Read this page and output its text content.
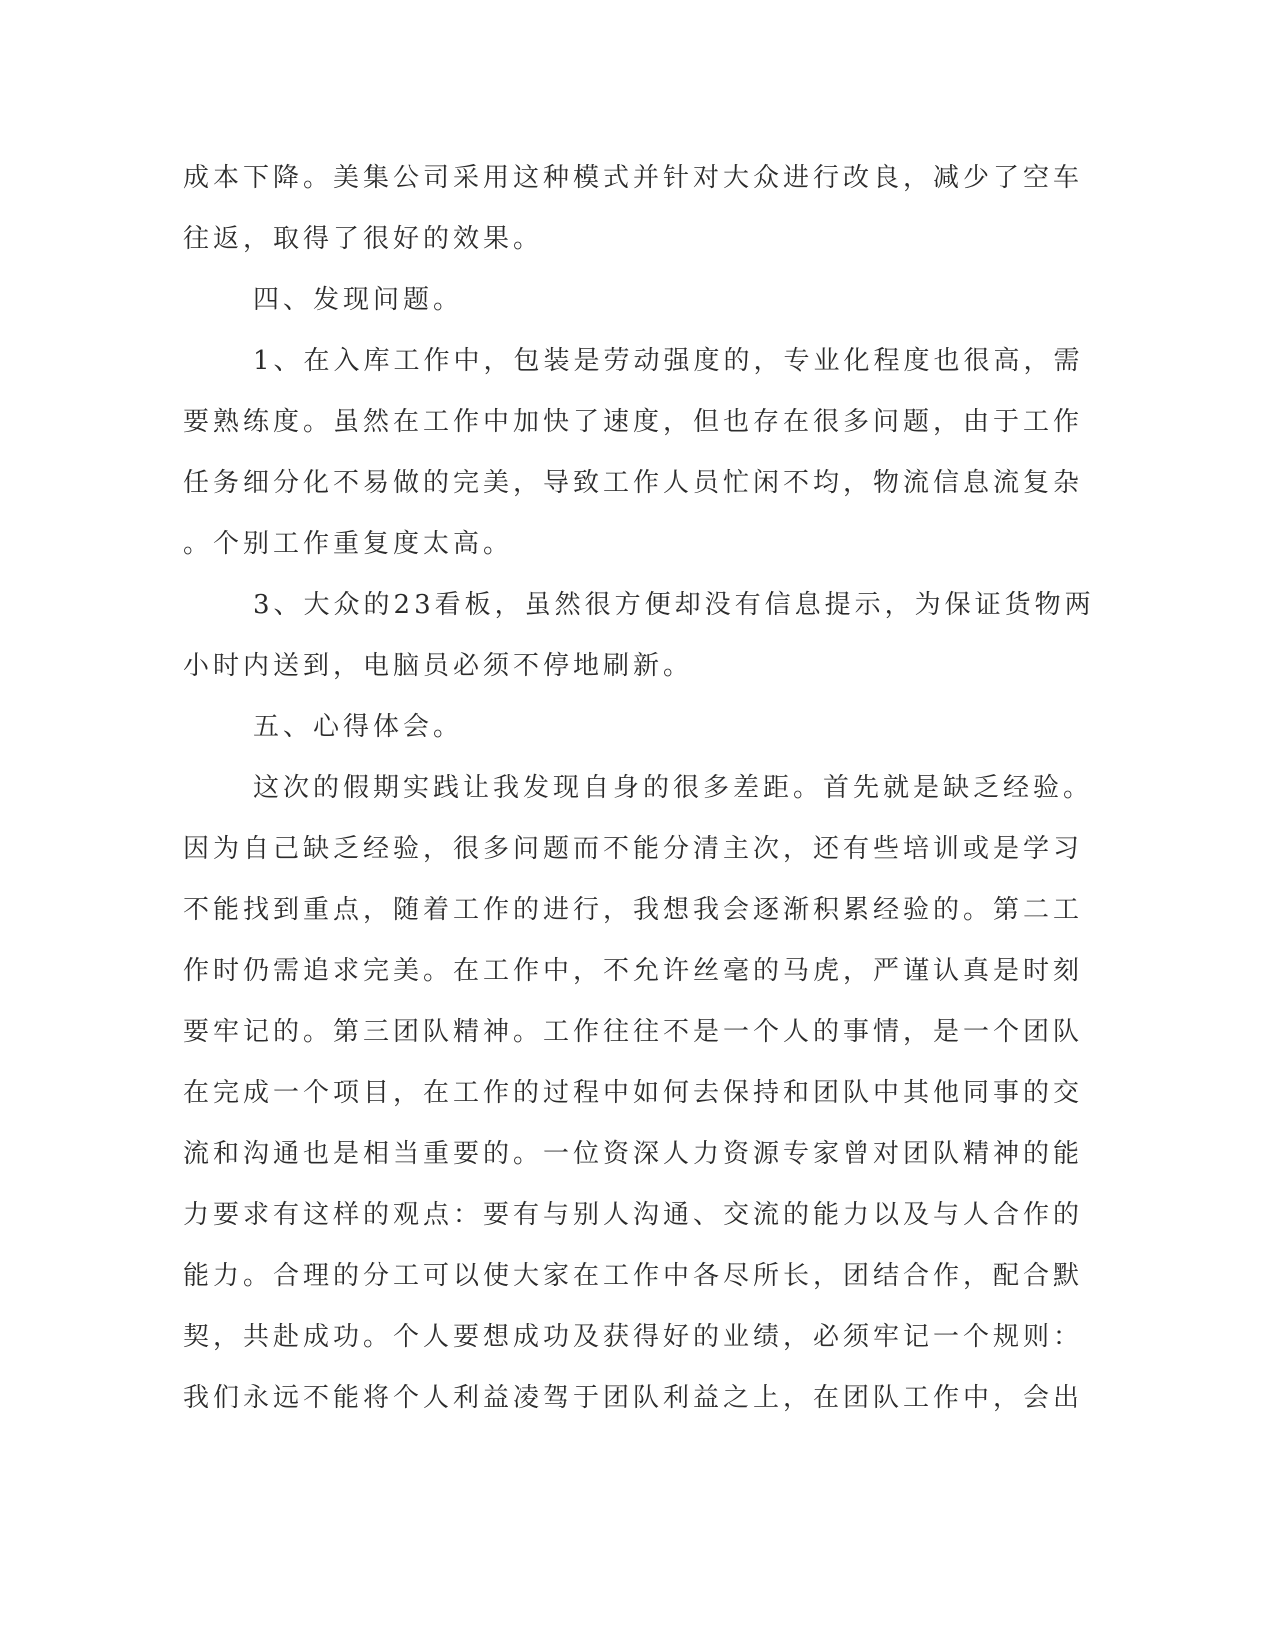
成本下降。美集公司采用这种模式并针对大众进行改良，减少了空车
往返，取得了很好的效果。
四、发现问题。
1、在入库工作中，包装是劳动强度的，专业化程度也很高，需
要熟练度。虽然在工作中加快了速度，但也存在很多问题，由于工作
任务细分化不易做的完美，导致工作人员忙闲不均，物流信息流复杂
。个别工作重复度太高。
3、大众的23看板，虽然很方便却没有信息提示，为保证货物两
小时内送到，电脑员必须不停地刷新。
五、心得体会。
这次的假期实践让我发现自身的很多差距。首先就是缺乏经验。
因为自己缺乏经验，很多问题而不能分清主次，还有些培训或是学习
不能找到重点，随着工作的进行，我想我会逐渐积累经验的。第二工
作时仍需追求完美。在工作中，不允许丝毫的马虎，严谨认真是时刻
要牢记的。第三团队精神。工作往往不是一个人的事情，是一个团队
在完成一个项目，在工作的过程中如何去保持和团队中其他同事的交
流和沟通也是相当重要的。一位资深人力资源专家曾对团队精神的能
力要求有这样的观点：要有与别人沟通、交流的能力以及与人合作的
能力。合理的分工可以使大家在工作中各尽所长，团结合作，配合默
契，共赴成功。个人要想成功及获得好的业绩，必须牢记一个规则：
我们永远不能将个人利益凌驾于团队利益之上，在团队工作中，会出
